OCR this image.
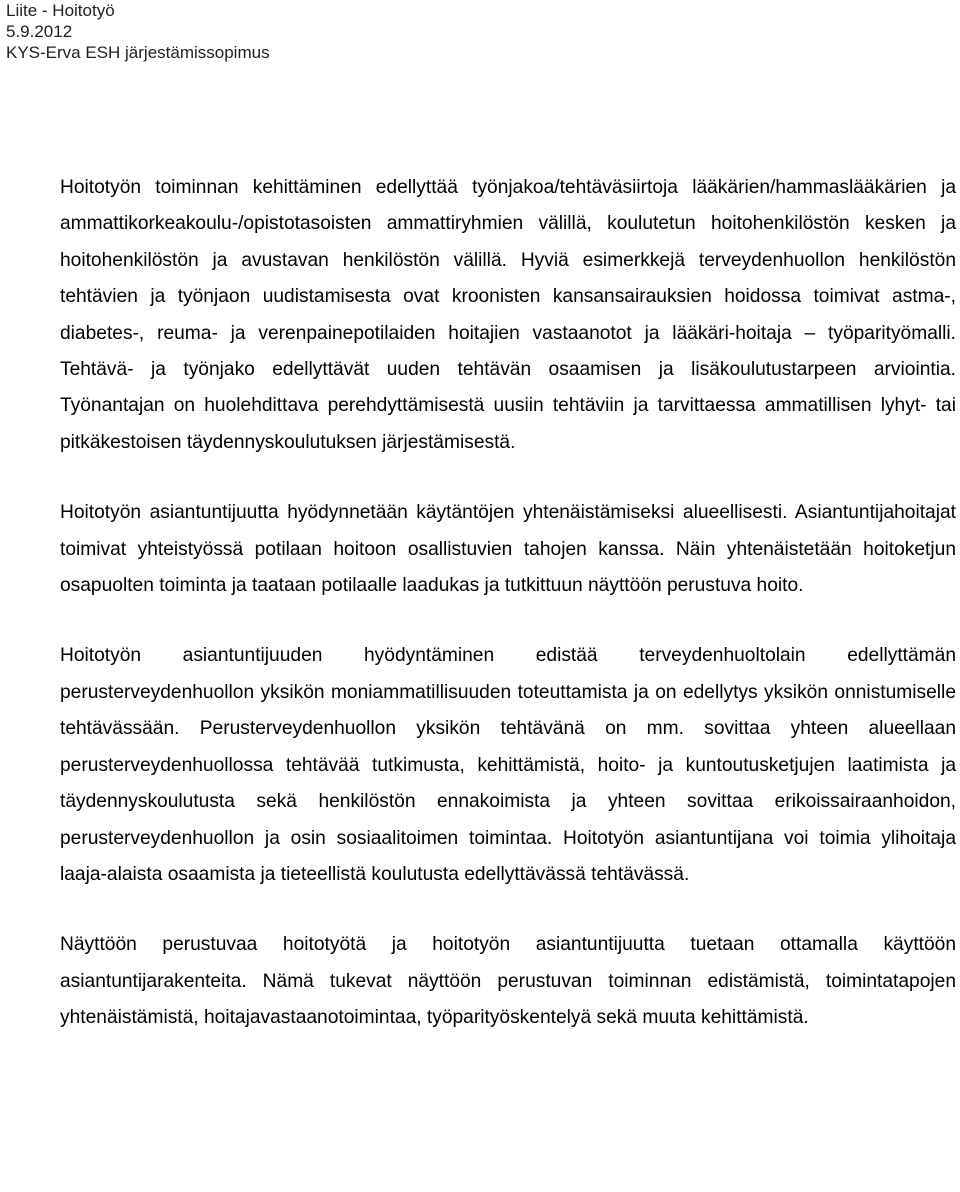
Liite - Hoitotyö
5.9.2012
KYS-Erva ESH järjestämissopimus

Hoitotyön toiminnan kehittäminen edellyttää työnjakoa/tehtäväsiirtoja lääkärien/hammaslääkärien ja ammattikorkeakoulu-/opistotasoisten ammattiryhmien välillä, koulutetun hoitohenkilöstön kesken ja hoitohenkilöstön ja avustavan henkilöstön välillä. Hyviä esimerkkejä terveydenhuollon henkilöstön tehtävien ja työnjaon uudistamisesta ovat kroonisten kansansairauksien hoidossa toimivat astma-, diabetes-, reuma- ja verenpainepotilaiden hoitajien vastaanotot ja lääkäri-hoitaja – työparityömalli. Tehtävä- ja työnjako edellyttävät uuden tehtävän osaamisen ja lisäkoulutustarpeen arviointia. Työnantajan on huolehdittava perehdyttämisestä uusiin tehtäviin ja tarvittaessa ammatillisen lyhyt- tai pitkäkestoisen täydennyskoulutuksen järjestämisestä.

Hoitotyön asiantuntijuutta hyödynnetään käytäntöjen yhtenäistämiseksi alueellisesti. Asiantuntijahoitajat toimivat yhteistyössä potilaan hoitoon osallistuvien tahojen kanssa. Näin yhtenäistetään hoitoketjun osapuolten toiminta ja taataan potilaalle laadukas ja tutkittuun näyttöön perustuva hoito.

Hoitotyön asiantuntijuuden hyödyntäminen edistää terveydenhuoltolain edellyttämän perusterveydenhuollon yksikön moniammatillisuuden toteuttamista ja on edellytys yksikön onnistumiselle tehtävässään. Perusterveydenhuollon yksikön tehtävänä on mm. sovittaa yhteen alueellaan perusterveydenhuollossa tehtävää tutkimusta, kehittämistä, hoito- ja kuntoutusketjujen laatimista ja täydennyskoulutusta sekä henkilöstön ennakoimista ja yhteen sovittaa erikoissairaanhoidon, perusterveydenhuollon ja osin sosiaalitoimen toimintaa. Hoitotyön asiantuntijana voi toimia ylihoitaja laaja-alaista osaamista ja tieteellistä koulutusta edellyttävässä tehtävässä.

Näyttöön perustuvaa hoitotyötä ja hoitotyön asiantuntijuutta tuetaan ottamalla käyttöön asiantuntijarakenteita. Nämä tukevat näyttöön perustuvan toiminnan edistämistä, toimintatapojen yhtenäistämistä, hoitajavastaanotoimintaa, työparityöskentelyä sekä muuta kehittämistä.
